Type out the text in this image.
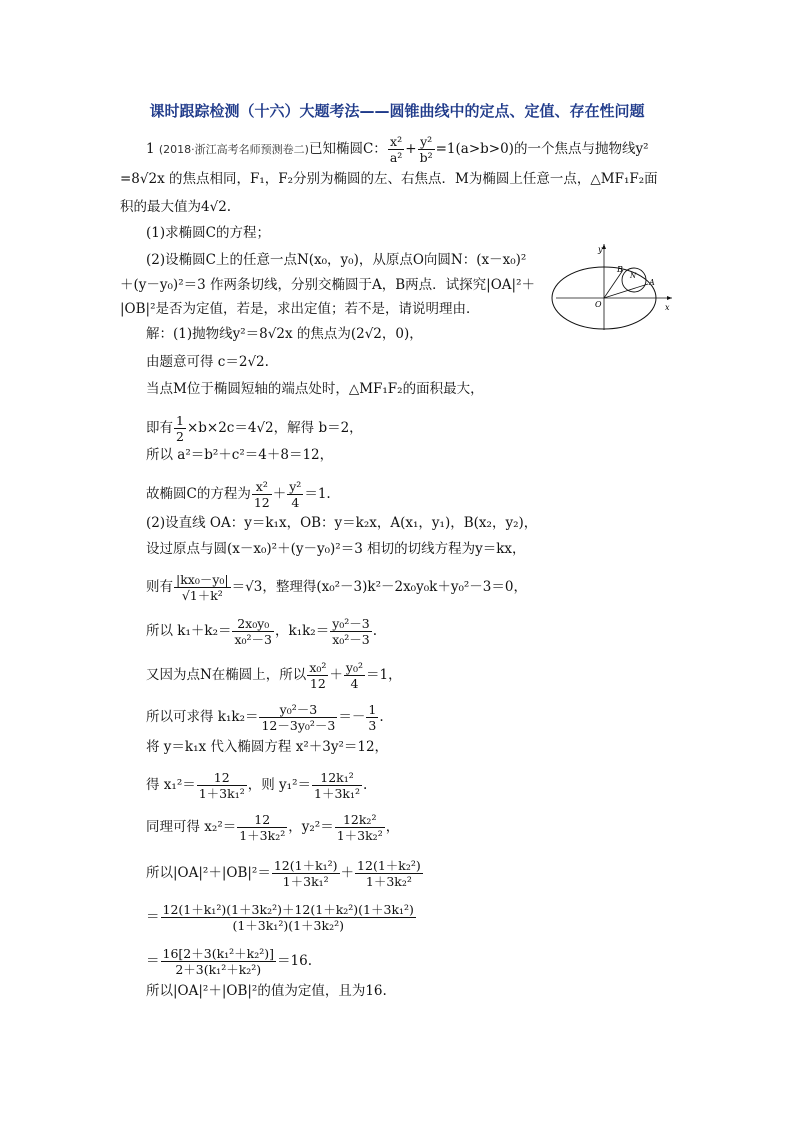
课时跟踪检测（十六）大题考法——圆锥曲线中的定点、定值、存在性问题
1 (2018·浙江高考名师预测卷二)已知椭圆C： $\frac{\text{x²}}{\text{a²}} + \frac{\text{y²}}{\text{b²}} =1(a>b>0)$的一个焦点与抛物线y²
=8√2x 的焦点相同，F₁，F₂分别为椭圆的左、右焦点．M为椭圆上任意一点，△MF₁F₂面
积的最大值为4√2.
(1)求椭圆C的方程；
(2)设椭圆C上的任意一点N(x₀，y₀)，从原点O向圆N：(x－x₀)²
＋(y－y₀)²＝3 作两条切线，分别交椭圆于A，B两点．试探究|OA|²＋
|OB|²是否为定值，若是，求出定值；若不是，请说明理由．
y
x
O
B
N
A
解：(1)抛物线y²＝8√2x 的焦点为(2√2，0)，
由题意可得 c＝2√2.
当点M位于椭圆短轴的端点处时，△MF₁F₂的面积最大，
即有 $\frac{1}{2} \times b\times 2c=4√2$，解得 b＝2，
所以 a²＝b²＋c²＝4＋8＝12，
故椭圆C的方程为 $\frac{\text{x²}}{12} + \frac{\text{y²}}{4} =1$.
(2)设直线 OA：y＝k₁x，OB：y＝k₂x，A(x₁，y₁)，B(x₂，y₂)，
设过原点与圆(x－x₀)²＋(y－y₀)²＝3 相切的切线方程为y＝kx，
则有 $\frac{\text{|kx₀－y₀|}}{\text{√1＋k²}} =√3$，整理得(x₀²－3)k²－2x₀y₀k＋y₀²－3＝0，
所以 $k_1+k_2= \frac{\text{2x₀y₀}}{\text{x₀²－3}}$ ，$k_1k_2= \frac{\text{y₀²－3}}{\text{x₀²－3}}$ .
又因为点N在椭圆上，所以 $\frac{\text{x₀²}}{12} + \frac{\text{y₀²}}{4} =1$，
所以可求得 $k_1k_2= \frac{\text{y₀²－3}}{\text{12－3y₀²－3}} =- \frac{1}{3}$ .
将 y＝k₁x 代入椭圆方程 x²＋3y²＝12，
得 $x_1^2= \frac{12}{\text{1＋3k₁²}}$ ，则 $y_1^2= \frac{\text{12k₁²}}{\text{1＋3k₁²}}$ .
同理可得 $x_2^2= \frac{12}{\text{1＋3k₂²}}$ ，$y_2^2= \frac{\text{12k₂²}}{\text{1＋3k₂²}}$ ，
所以$|OA|^2+|OB|^2= \frac{\text{12(1＋k₁²)}}{\text{1＋3k₁²}} + \frac{\text{12(1＋k₂²)}}{\text{1＋3k₂²}}$
＝ $\frac{\text{12(1＋k₁²)(1＋3k₂²)＋12(1＋k₂²)(1＋3k₁²)}}{\text{(1＋3k₁²)(1＋3k₂²)}}$
＝ $\frac{\text{16[2＋3(k₁²＋k₂²)]}}{\text{2＋3(k₁²＋k₂²)}} =16$.
所以|OA|²＋|OB|²的值为定值，且为16.
